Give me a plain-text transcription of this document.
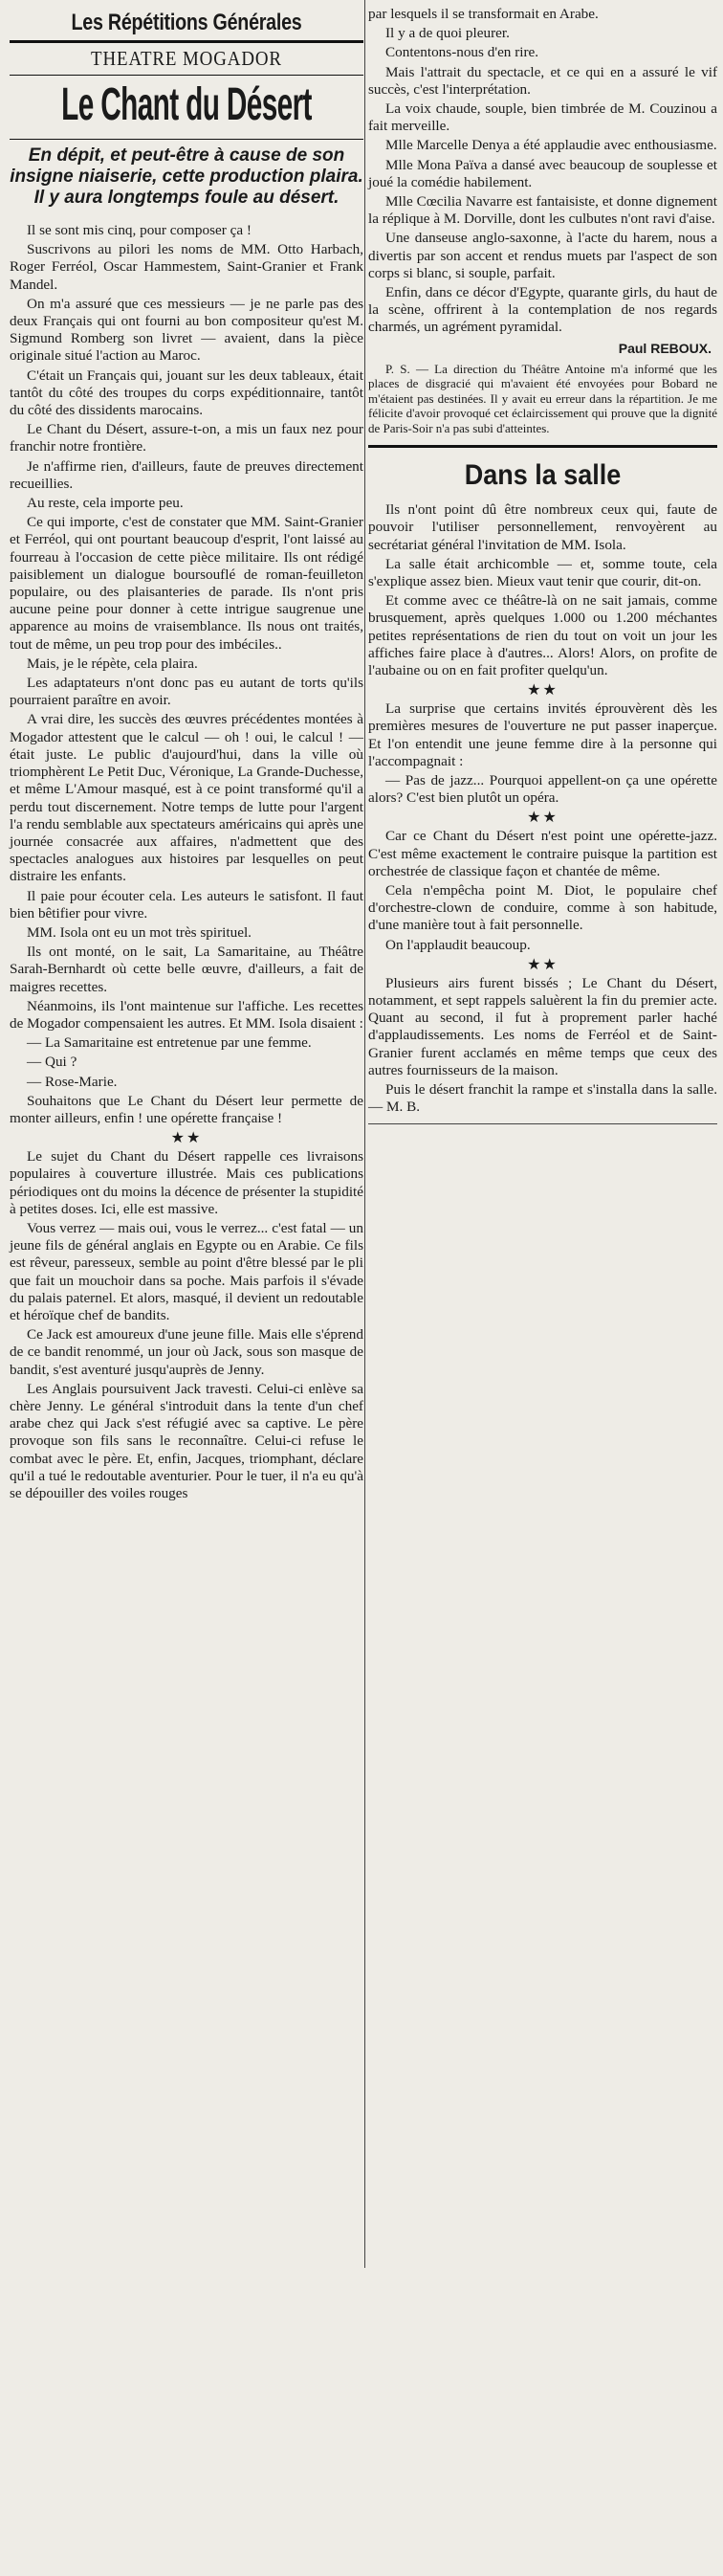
Les Répétitions Générales
THEATRE MOGADOR
Le Chant du Désert
En dépit, et peut-être à cause de son insigne niaiserie, cette production plaira. Il y aura longtemps foule au désert.

Il se sont mis cinq, pour composer ça !

Suscrivons au pilori les noms de MM. Otto Harbach, Roger Ferréol, Oscar Hammestem, Saint-Granier et Frank Mandel.

On m'a assuré que ces messieurs — je ne parle pas des deux Français qui ont fourni au bon compositeur qu'est M. Sigmund Romberg son livret — avaient, dans la pièce originale situé l'action au Maroc.

C'était un Français qui, jouant sur les deux tableaux, était tantôt du côté des troupes du corps expéditionnaire, tantôt du côté des dissidents marocains.

Le Chant du Désert, assure-t-on, a mis un faux nez pour franchir notre frontière.

Je n'affirme rien, d'ailleurs, faute de preuves directement recueillies.

Au reste, cela importe peu.

Ce qui importe, c'est de constater que MM. Saint-Granier et Ferréol, qui ont pourtant beaucoup d'esprit, l'ont laissé au fourreau à l'occasion de cette pièce militaire. Ils ont rédigé paisiblement un dialogue boursouflé de roman-feuilleton populaire, ou des plaisanteries de parade. Ils n'ont pris aucune peine pour donner à cette intrigue saugrenue une apparence au moins de vraisemblance. Ils nous ont traités, tout de même, un peu trop pour des imbéciles..

Mais, je le répète, cela plaira.

Les adaptateurs n'ont donc pas eu autant de torts qu'ils pourraient paraître en avoir.

A vrai dire, les succès des œuvres précédentes montées à Mogador attestent que le calcul — oh ! oui, le calcul ! — était juste. Le public d'aujourd'hui, dans la ville où triomphèrent Le Petit Duc, Véronique, La Grande-Duchesse, et même L'Amour masqué, est à ce point transformé qu'il a perdu tout discernement. Notre temps de lutte pour l'argent l'a rendu semblable aux spectateurs américains qui après une journée consacrée aux affaires, n'admettent que des spectacles analogues aux histoires par lesquelles on peut distraire les enfants.

Il paie pour écouter cela. Les auteurs le satisfont. Il faut bien bêtifier pour vivre.

MM. Isola ont eu un mot très spirituel.

Ils ont monté, on le sait, La Samaritaine, au Théâtre Sarah-Bernhardt où cette belle œuvre, d'ailleurs, a fait de maigres recettes.

Néanmoins, ils l'ont maintenue sur l'affiche. Les recettes de Mogador compensaient les autres. Et MM. Isola disaient :

— La Samaritaine est entretenue par une femme.

— Qui ?

— Rose-Marie.

Souhaitons que Le Chant du Désert leur permette de monter ailleurs, enfin ! une opérette française !

★★

Le sujet du Chant du Désert rappelle ces livraisons populaires à couverture illustrée. Mais ces publications périodiques ont du moins la décence de présenter la stupidité à petites doses. Ici, elle est massive.

Vous verrez — mais oui, vous le verrez... c'est fatal — un jeune fils de général anglais en Egypte ou en Arabie. Ce fils est rêveur, paresseux, semble au point d'être blessé par le pli que fait un mouchoir dans sa poche. Mais parfois il s'évade du palais paternel. Et alors, masqué, il devient un redoutable et héroïque chef de bandits.

Ce Jack est amoureux d'une jeune fille. Mais elle s'éprend de ce bandit renommé, un jour où Jack, sous son masque de bandit, s'est aventuré jusqu'auprès de Jenny.

Les Anglais poursuivent Jack travesti. Celui-ci enlève sa chère Jenny. Le général s'introduit dans la tente d'un chef arabe chez qui Jack s'est réfugié avec sa captive. Le père provoque son fils sans le reconnaître. Celui-ci refuse le combat avec le père. Et, enfin, Jacques, triomphant, déclare qu'il a tué le redoutable aventurier. Pour le tuer, il n'a eu qu'à se dépouiller des voiles rouges

par lesquels il se transformait en Arabe.

Il y a de quoi pleurer.

Contentons-nous d'en rire.

Mais l'attrait du spectacle, et ce qui en a assuré le vif succès, c'est l'interprétation.

La voix chaude, souple, bien timbrée de M. Couzinou a fait merveille.

Mlle Marcelle Denya a été applaudie avec enthousiasme.

Mlle Mona Païva a dansé avec beaucoup de souplesse et joué la comédie habilement.

Mlle Cœcilia Navarre est fantaisiste, et donne dignement la réplique à M. Dorville, dont les culbutes n'ont ravi d'aise.

Une danseuse anglo-saxonne, à l'acte du harem, nous a divertis par son accent et rendus muets par l'aspect de son corps si blanc, si souple, parfait.

Enfin, dans ce décor d'Egypte, quarante girls, du haut de la scène, offrirent à la contemplation de nos regards charmés, un agrément pyramidal.

Paul REBOUX.

P. S. — La direction du Théâtre Antoine m'a informé que les places de disgracié qui m'avaient été envoyées pour Bobard ne m'étaient pas destinées. Il y avait eu erreur dans la répartition. Je me félicite d'avoir provoqué cet éclaircissement qui prouve que la dignité de Paris-Soir n'a pas subi d'atteintes.

Dans la salle

Ils n'ont point dû être nombreux ceux qui, faute de pouvoir l'utiliser personnellement, renvoyèrent au secrétariat général l'invitation de MM. Isola.

La salle était archicomble — et, somme toute, cela s'explique assez bien. Mieux vaut tenir que courir, dit-on.

Et comme avec ce théâtre-là on ne sait jamais, comme brusquement, après quelques 1.000 ou 1.200 méchantes petites représentations de rien du tout on voit un jour les affiches faire place à d'autres... Alors! Alors, on profite de l'aubaine ou on en fait profiter quelqu'un.

★★

La surprise que certains invités éprouvèrent dès les premières mesures de l'ouverture ne put passer inaperçue. Et l'on entendit une jeune femme dire à la personne qui l'accompagnait :

— Pas de jazz... Pourquoi appellent-on ça une opérette alors? C'est bien plutôt un opéra.

★★

Car ce Chant du Désert n'est point une opérette-jazz. C'est même exactement le contraire puisque la partition est orchestrée de classique façon et chantée de même.

Cela n'empêcha point M. Diot, le populaire chef d'orchestre-clown de conduire, comme à son habitude, d'une manière tout à fait personnelle.

On l'applaudit beaucoup.

★★

Plusieurs airs furent bissés ; Le Chant du Désert, notamment, et sept rappels saluèrent la fin du premier acte. Quant au second, il fut à proprement parler haché d'applaudissements. Les noms de Ferréol et de Saint-Granier furent acclamés en même temps que ceux des autres fournisseurs de la maison.

Puis le désert franchit la rampe et s'installa dans la salle. — M. B.
